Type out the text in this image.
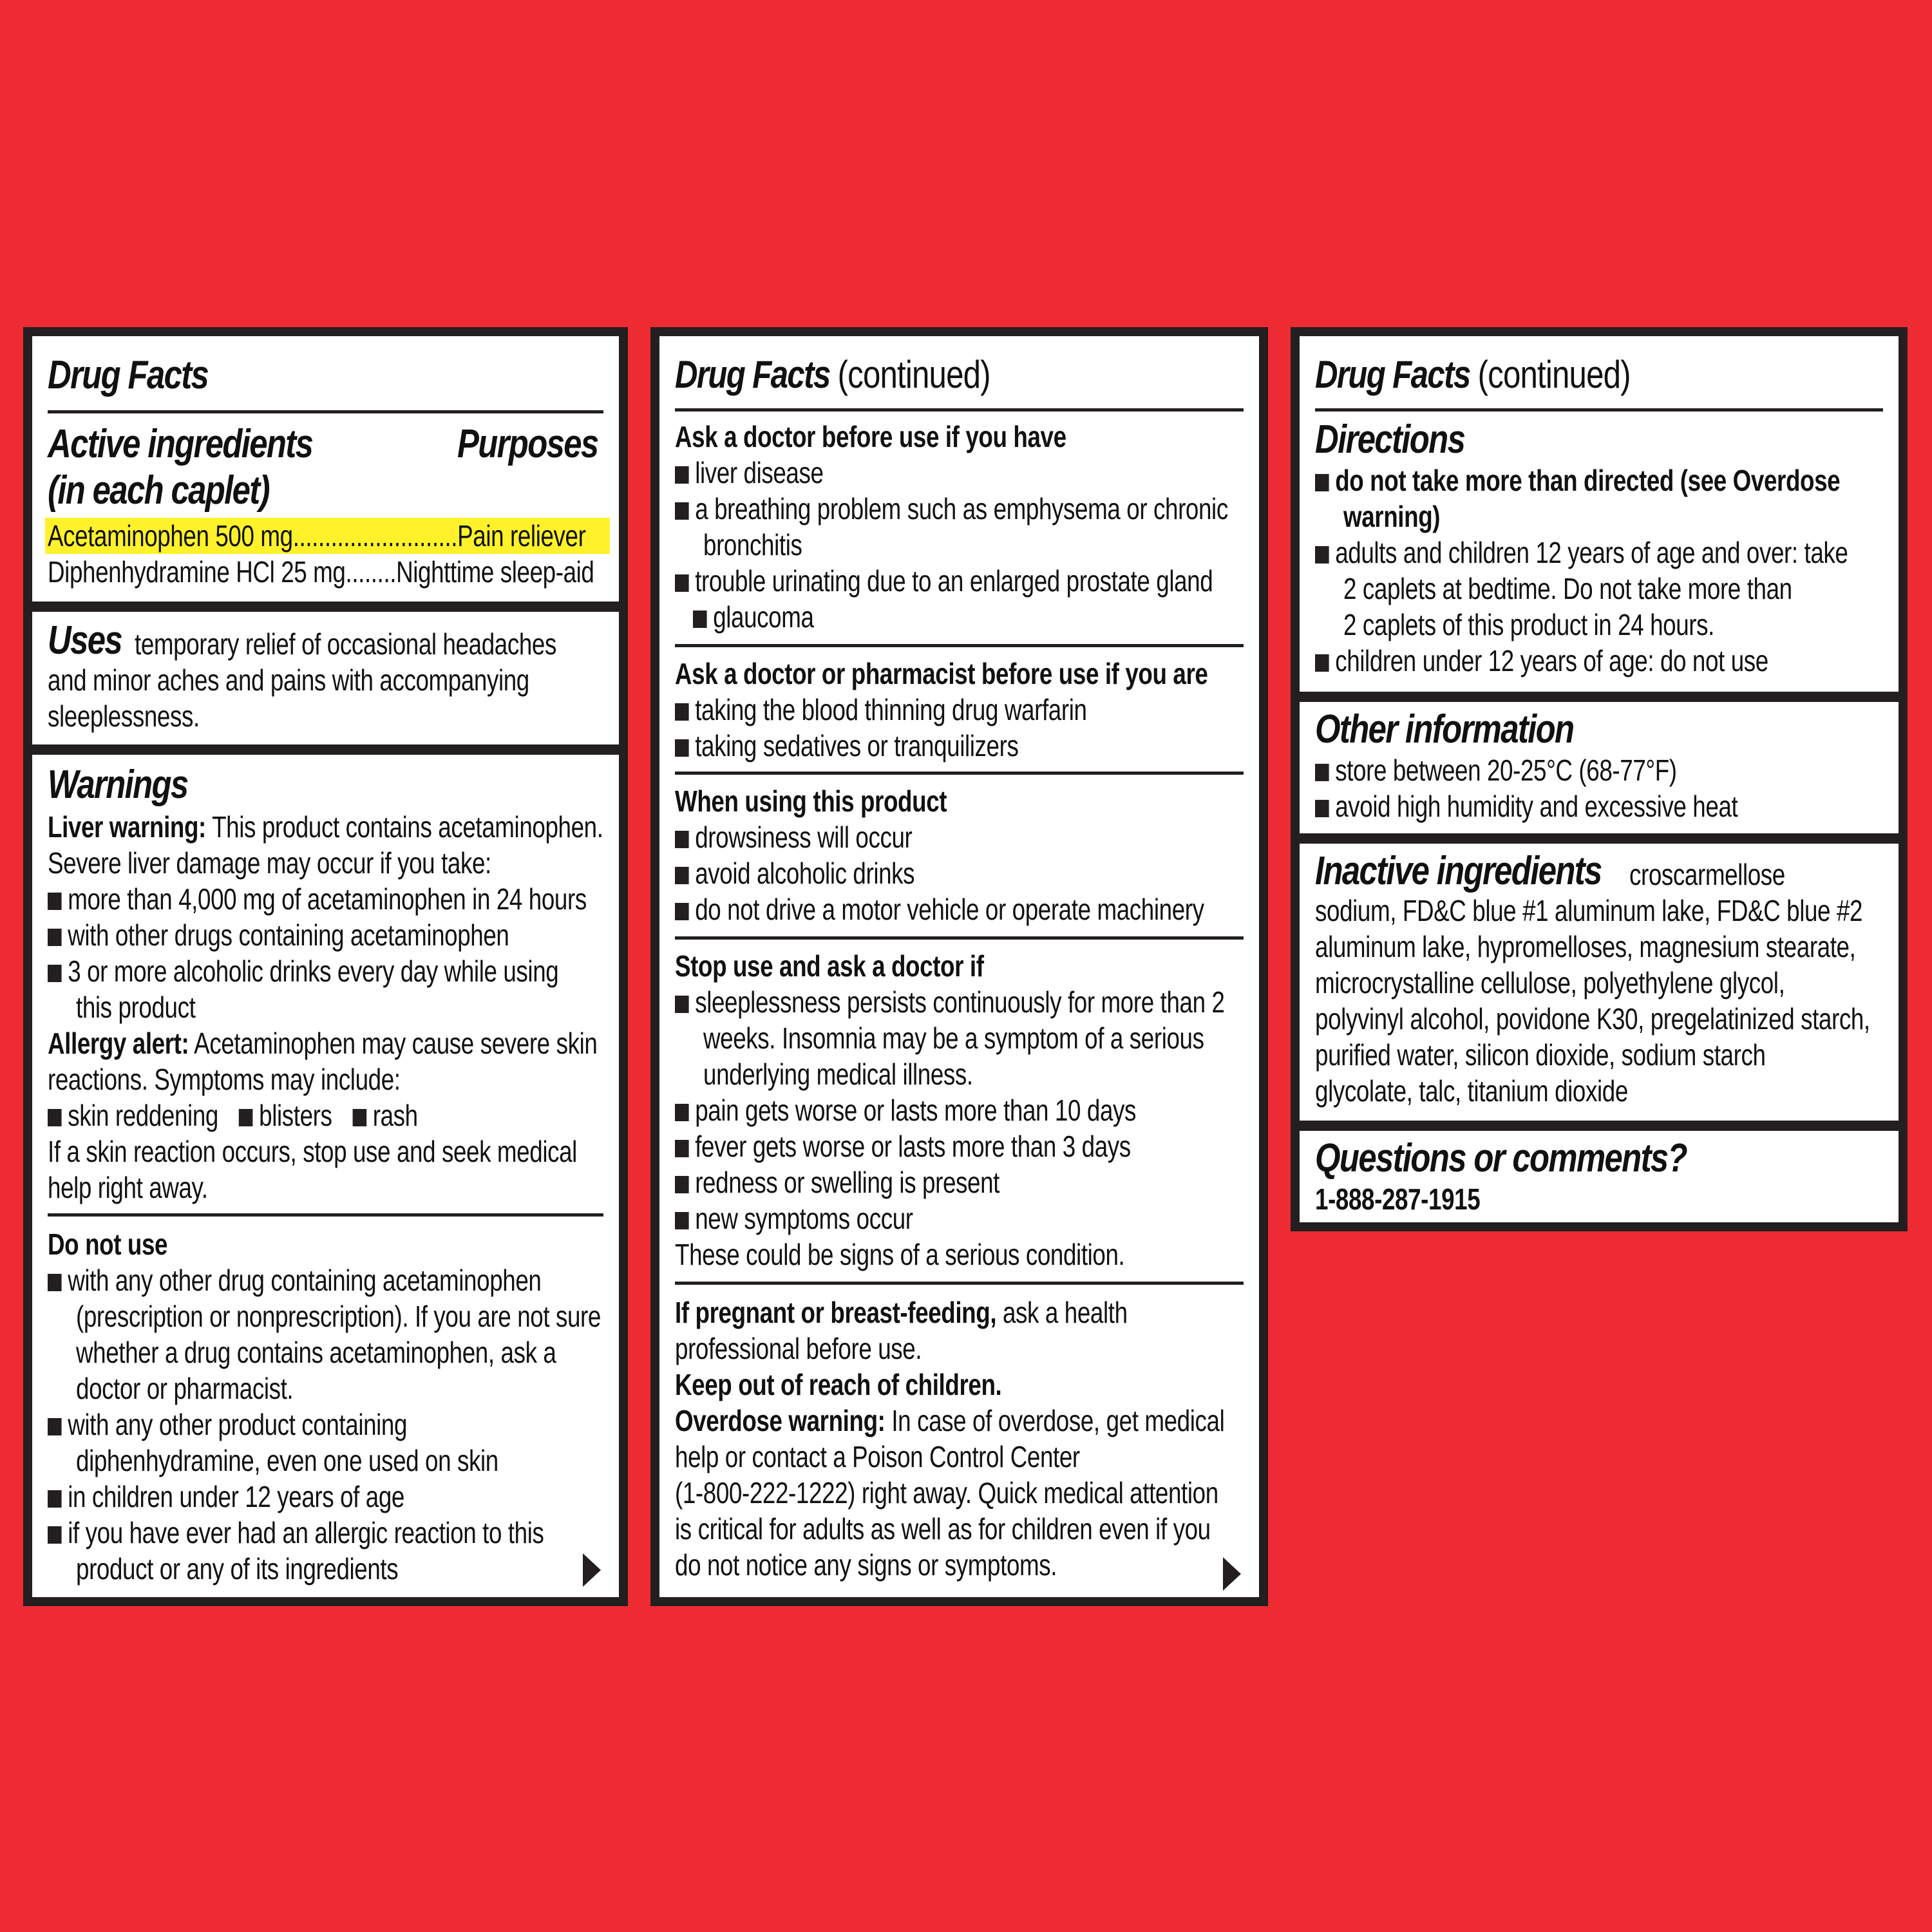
Drug Facts
Active ingredients
(in each caplet)
Purposes
Acetaminophen 500 mg..........................Pain reliever
Diphenhydramine HCl 25 mg........Nighttime sleep-aid
Uses temporary relief of occasional headaches
and minor aches and pains with accompanying
sleeplessness.
Warnings
Liver warning: This product contains acetaminophen.
Severe liver damage may occur if you take:
more than 4,000 mg of acetaminophen in 24 hours
with other drugs containing acetaminophen
3 or more alcoholic drinks every day while using
this product
Allergy alert: Acetaminophen may cause severe skin
reactions. Symptoms may include:
skin reddening blisters rash
If a skin reaction occurs, stop use and seek medical
help right away.
Do not use
with any other drug containing acetaminophen
(prescription or nonprescription). If you are not sure
whether a drug contains acetaminophen, ask a
doctor or pharmacist.
with any other product containing
diphenhydramine, even one used on skin
in children under 12 years of age
if you have ever had an allergic reaction to this
product or any of its ingredients
Drug Facts (continued)
Ask a doctor before use if you have
liver disease
a breathing problem such as emphysema or chronic
bronchitis
trouble urinating due to an enlarged prostate gland
glaucoma
Ask a doctor or pharmacist before use if you are
taking the blood thinning drug warfarin
taking sedatives or tranquilizers
When using this product
drowsiness will occur
avoid alcoholic drinks
do not drive a motor vehicle or operate machinery
Stop use and ask a doctor if
sleeplessness persists continuously for more than 2
weeks. Insomnia may be a symptom of a serious
underlying medical illness.
pain gets worse or lasts more than 10 days
fever gets worse or lasts more than 3 days
redness or swelling is present
new symptoms occur
These could be signs of a serious condition.
If pregnant or breast-feeding, ask a health
professional before use.
Keep out of reach of children.
Overdose warning: In case of overdose, get medical
help or contact a Poison Control Center
(1-800-222-1222) right away. Quick medical attention
is critical for adults as well as for children even if you
do not notice any signs or symptoms.
Drug Facts (continued)
Directions
do not take more than directed (see Overdose
warning)
adults and children 12 years of age and over: take
2 caplets at bedtime. Do not take more than
2 caplets of this product in 24 hours.
children under 12 years of age: do not use
Other information
store between 20-25°C (68-77°F)
avoid high humidity and excessive heat
Inactive ingredients croscarmellose
sodium, FD&C blue #1 aluminum lake, FD&C blue #2
aluminum lake, hypromelloses, magnesium stearate,
microcrystalline cellulose, polyethylene glycol,
polyvinyl alcohol, povidone K30, pregelatinized starch,
purified water, silicon dioxide, sodium starch
glycolate, talc, titanium dioxide
Questions or comments?
1-888-287-1915
